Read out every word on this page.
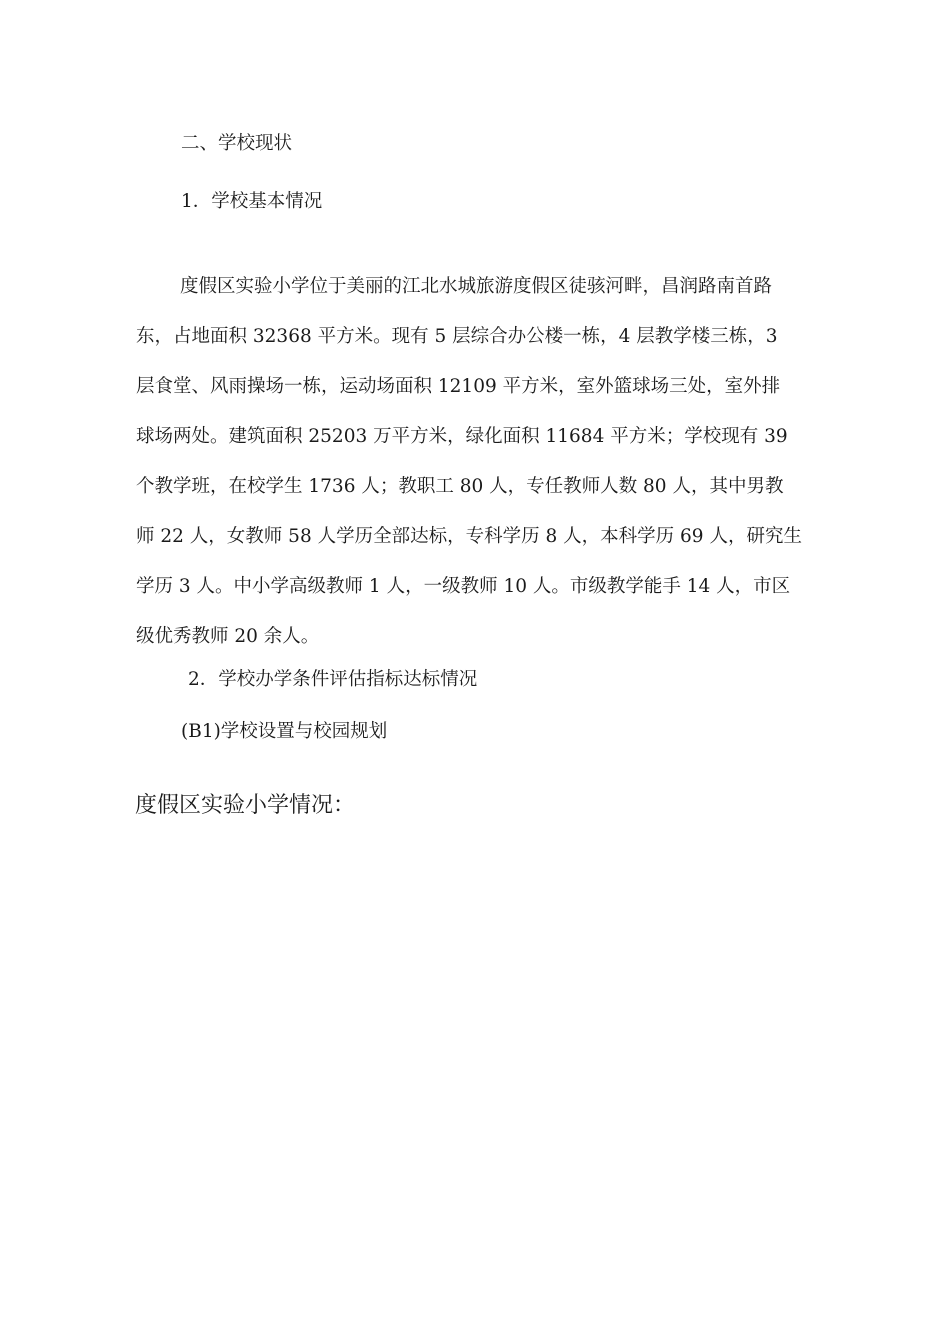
二、学校现状

1．学校基本情况

度假区实验小学位于美丽的江北水城旅游度假区徒骇河畔，昌润路南首路
东，占地面积 32368 平方米。现有 5 层综合办公楼一栋，4 层教学楼三栋，3
层食堂、风雨操场一栋，运动场面积 12109 平方米，室外篮球场三处，室外排
球场两处。建筑面积 25203 万平方米，绿化面积 11684 平方米；学校现有 39
个教学班，在校学生 1736 人；教职工 80 人，专任教师人数 80 人，其中男教
师 22 人，女教师 58 人学历全部达标，专科学历 8 人，本科学历 69 人，研究生
学历 3 人。中小学高级教师 1 人，一级教师 10 人。市级教学能手 14 人，市区
级优秀教师 20 余人。

2．学校办学条件评估指标达标情况

(B1)学校设置与校园规划

度假区实验小学情况：
